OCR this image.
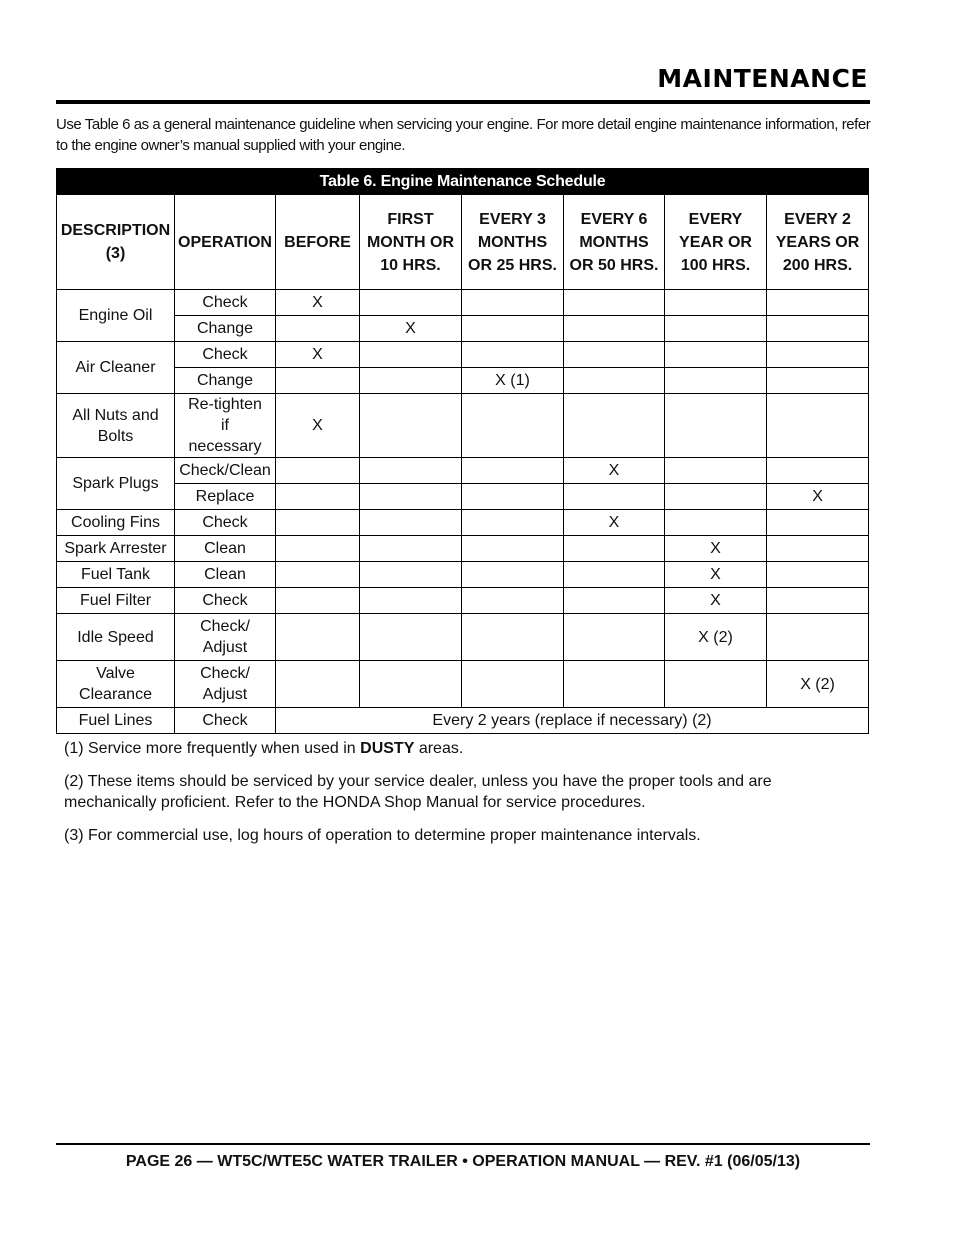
MAINTENANCE
Use Table 6 as a general maintenance guideline when servicing your engine. For more detail engine maintenance information, refer to the engine owner’s manual supplied with your engine.
Table 6. Engine Maintenance Schedule							
DESCRIPTION (3)	OPERATION	BEFORE	FIRST MONTH OR 10 HRS.	EVERY 3 MONTHS OR 25 HRS.	EVERY 6 MONTHS OR 50 HRS.	EVERY YEAR OR 100 HRS.	EVERY 2 YEARS OR 200 HRS.
Engine Oil	Check	X					
	Change		X				
Air Cleaner	Check	X					
	Change			X (1)			
All Nuts and Bolts	Re-tighten if necessary	X					
Spark Plugs	Check/Clean				X		
	Replace						X
Cooling Fins	Check				X		
Spark Arrester	Clean					X	
Fuel Tank	Clean					X	
Fuel Filter	Check					X	
Idle Speed	Check/ Adjust					X (2)	
Valve Clearance	Check/ Adjust						X (2)
Fuel Lines	Check	Every 2 years (replace if necessary) (2)					

(1) Service more frequently when used in DUSTY areas.

(2) These items should be serviced by your service dealer, unless you have the proper tools and are mechanically proficient. Refer to the HONDA Shop Manual for service procedures.

(3) For commercial use, log hours of operation to determine proper maintenance intervals.

PAGE 26 — WT5C/WTE5C WATER TRAILER • OPERATION MANUAL — REV. #1 (06/05/13)
